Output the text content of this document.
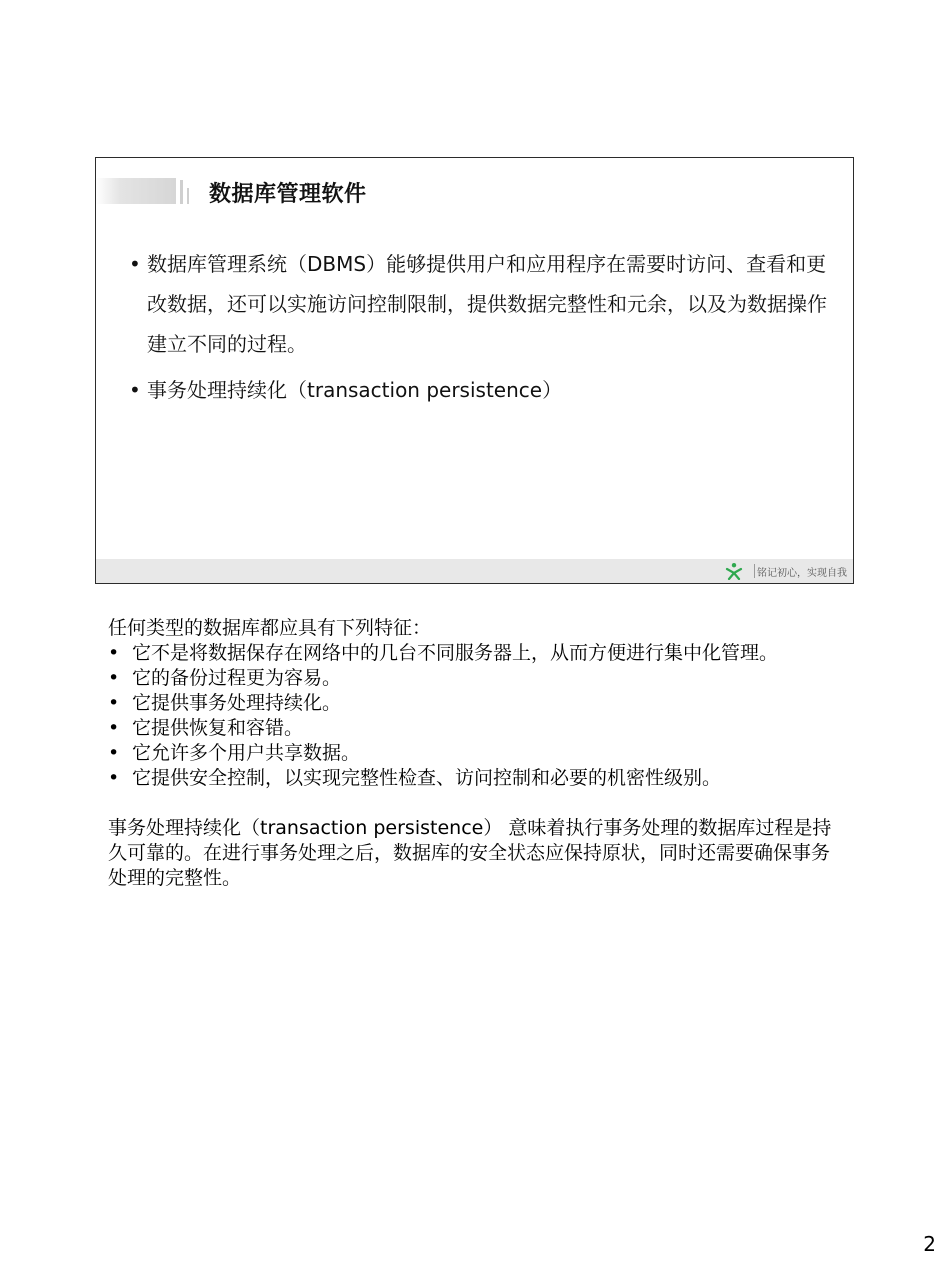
数据库管理软件
• 数据库管理系统（DBMS）能够提供用户和应用程序在需要时访问、查看和更改数据，还可以实施访问控制限制，提供数据完整性和元余，以及为数据操作建立不同的过程。
• 事务处理持续化（transaction persistence）
铭记初心，实现自我

任何类型的数据库都应具有下列特征：

• 它不是将数据保存在网络中的几台不同服务器上，从而方便进行集中化管理。
• 它的备份过程更为容易。
• 它提供事务处理持续化。
• 它提供恢复和容错。
• 它允许多个用户共享数据。
• 它提供安全控制，以实现完整性检查、访问控制和必要的机密性级别。

事务处理持续化（transaction persistence） 意味着执行事务处理的数据库过程是持久可靠的。在进行事务处理之后，数据库的安全状态应保持原状，同时还需要确保事务处理的完整性。

2
